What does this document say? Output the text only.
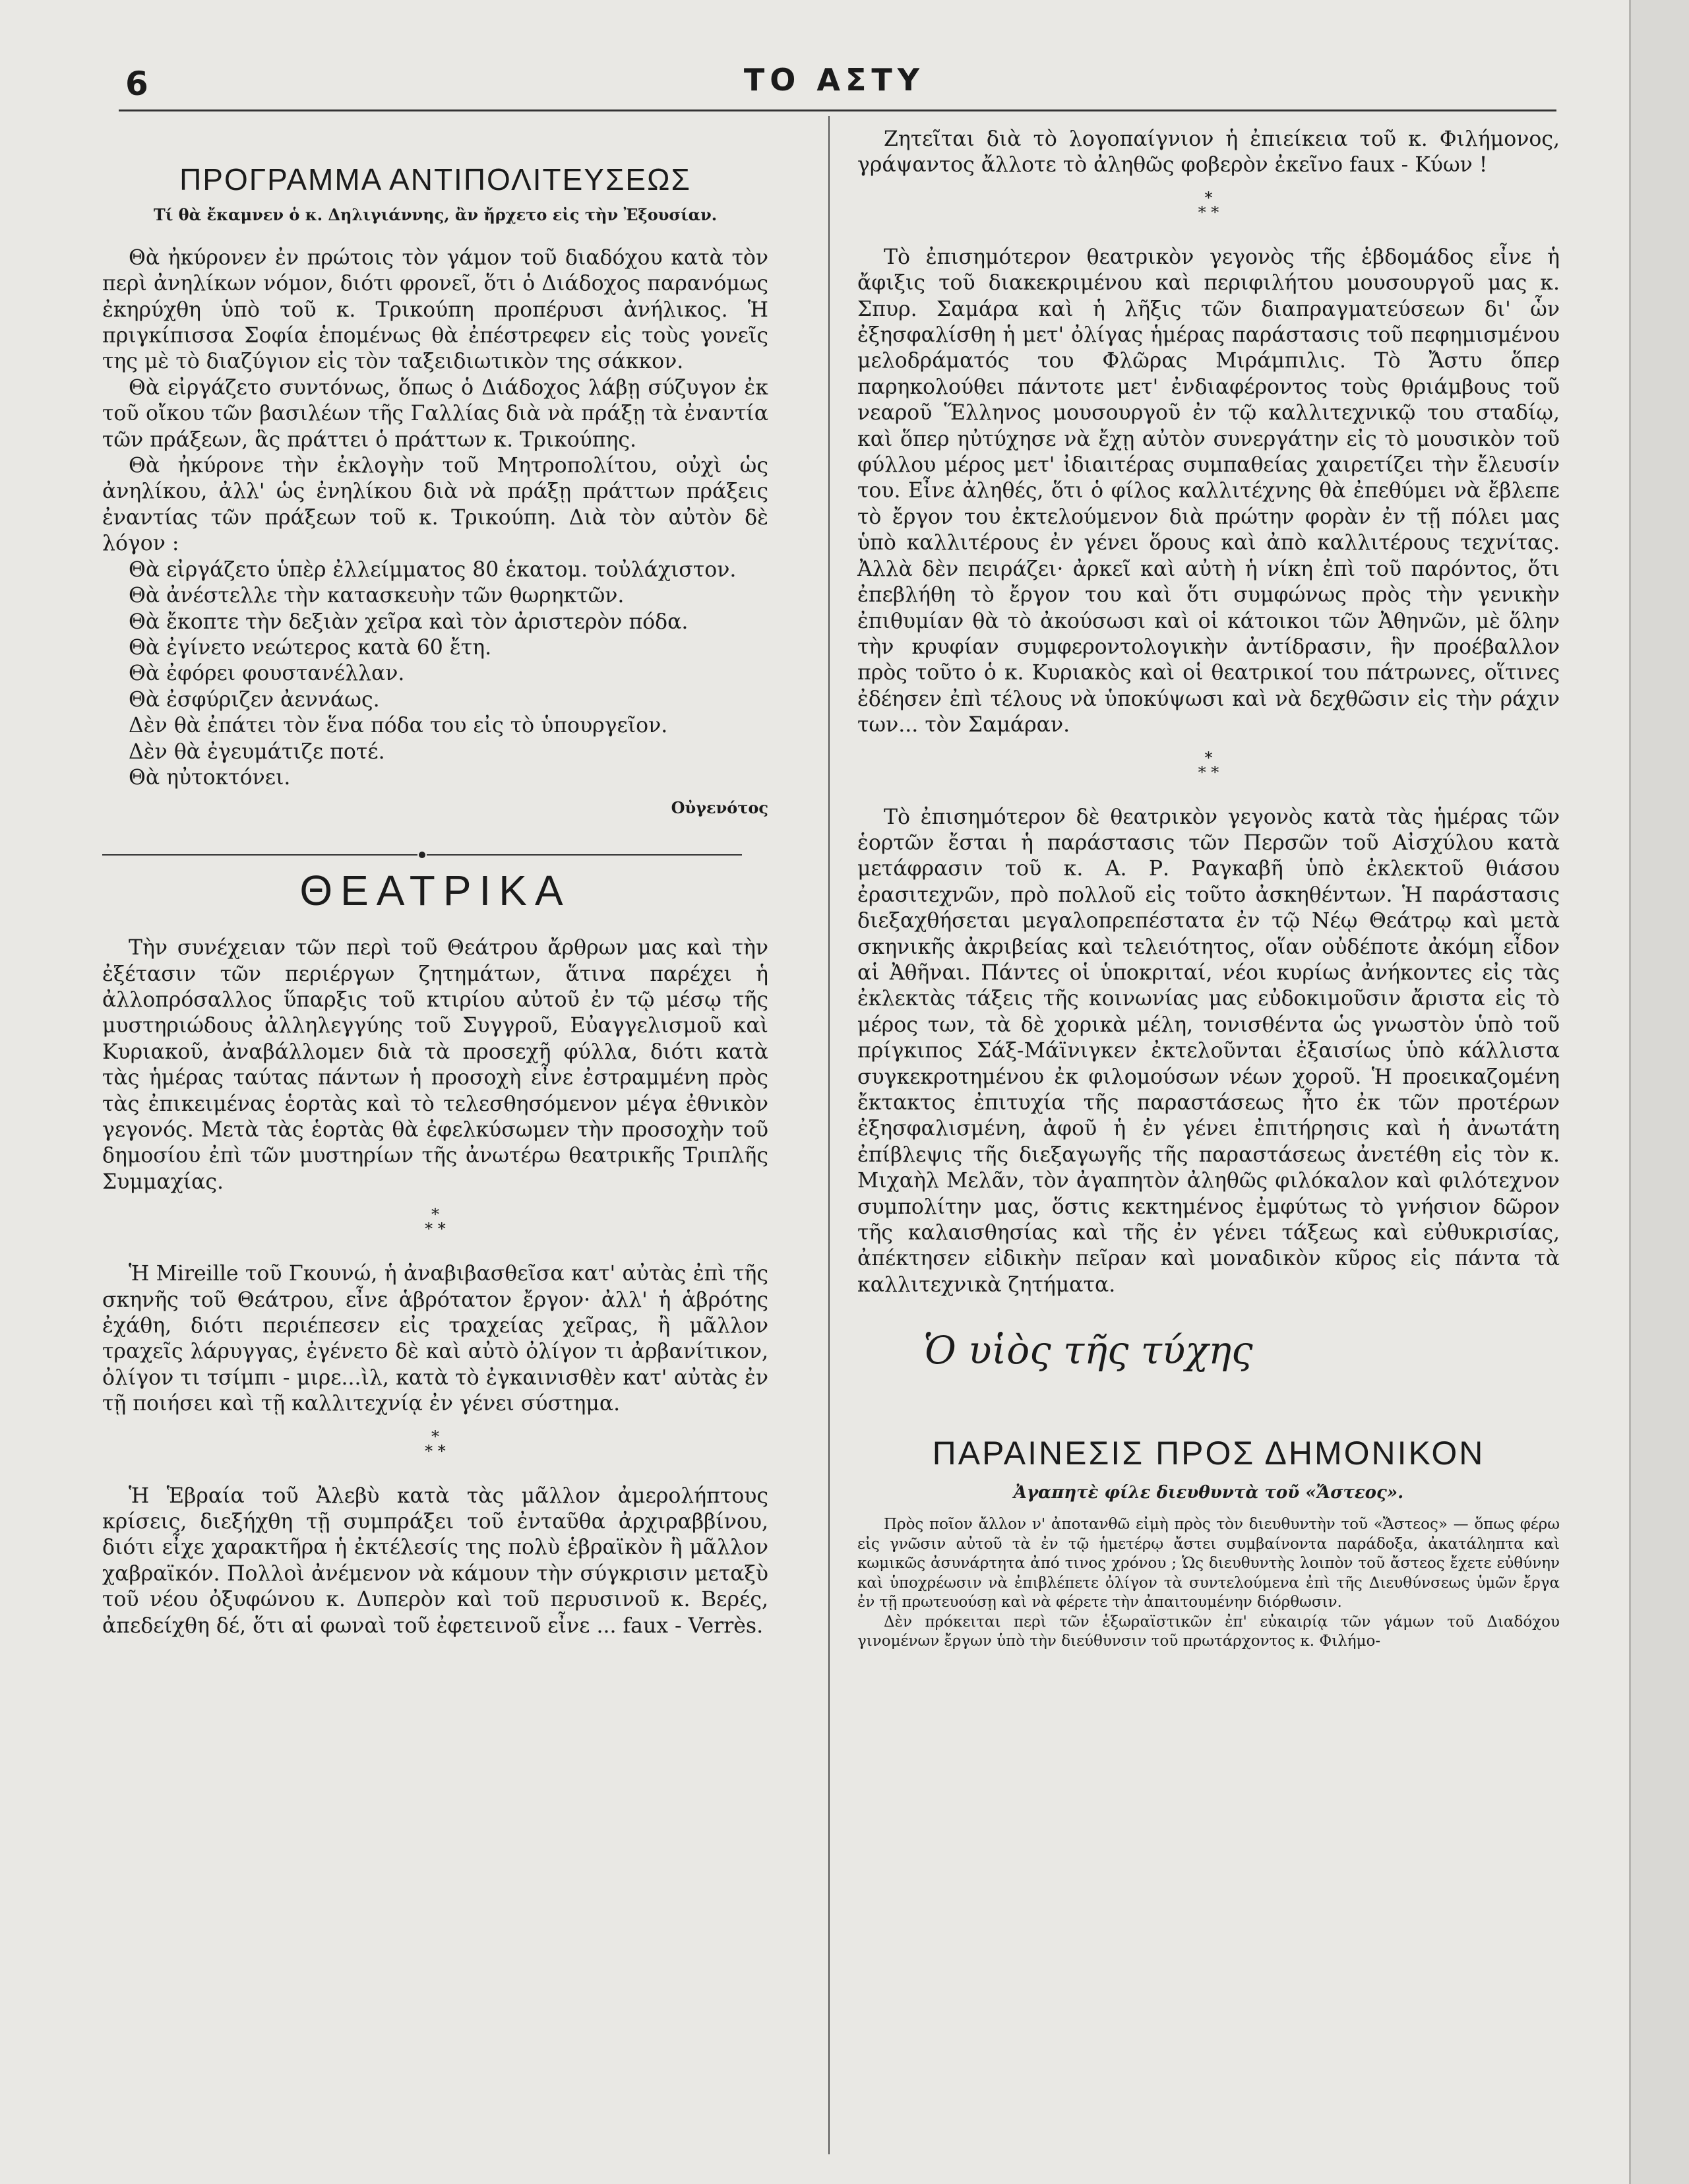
6	ΤΟ ΑΣΤΥ
ΠΡΟΓΡΑΜΜΑ ΑΝΤΙΠΟΛΙΤΕΥΣΕΩΣ
Τί θὰ ἔκαμνεν ὁ κ. Δηλιγιάννης, ἂν ἤρχετο εἰς τὴν Ἐξουσίαν.

Θὰ ἠκύρονεν ἐν πρώτοις τὸν γάμον τοῦ διαδόχου κατὰ τὸν περὶ ἀνηλίκων νόμον, διότι φρονεῖ, ὅτι ὁ Διάδοχος παρανόμως ἐκηρύχθη ὑπὸ τοῦ κ. Τρικούπη προπέρυσι ἀνήλικος. Ἡ πριγκίπισσα Σοφία ἑπομένως θὰ ἐπέστρεφεν εἰς τοὺς γονεῖς της μὲ τὸ διαζύγιον εἰς τὸν ταξειδιωτικὸν της σάκκον.

Θὰ εἰργάζετο συντόνως, ὅπως ὁ Διάδοχος λάβῃ σύζυγον ἐκ τοῦ οἴκου τῶν βασιλέων τῆς Γαλλίας διὰ νὰ πράξῃ τὰ ἐναντία τῶν πράξεων, ἃς πράττει ὁ πράττων κ. Τρικούπης.

Θὰ ἠκύρονε τὴν ἐκλογὴν τοῦ Μητροπολίτου, οὐχὶ ὡς ἀνηλίκου, ἀλλ' ὡς ἐνηλίκου διὰ νὰ πράξῃ πράττων πράξεις ἐναντίας τῶν πράξεων τοῦ κ. Τρικούπη. Διὰ τὸν αὐτὸν δὲ λόγον :

Θὰ εἰργάζετο ὑπὲρ ἐλλείμματος 80 ἑκατομ. τοὐλάχιστον.

Θὰ ἀνέστελλε τὴν κατασκευὴν τῶν θωρηκτῶν.

Θὰ ἔκοπτε τὴν δεξιὰν χεῖρα καὶ τὸν ἀριστερὸν πόδα.

Θὰ ἐγίνετο νεώτερος κατὰ 60 ἔτη.

Θὰ ἐφόρει φουστανέλλαν.

Θὰ ἐσφύριζεν ἀεννάως.

Δὲν θὰ ἐπάτει τὸν ἕνα πόδα του εἰς τὸ ὑπουργεῖον.

Δὲν θὰ ἐγευμάτιζε ποτέ.

Θὰ ηὐτοκτόνει.

Οὐγενότος

ΘΕΑΤΡΙΚΑ

Τὴν συνέχειαν τῶν περὶ τοῦ Θεάτρου ἄρθρων μας καὶ τὴν ἐξέτασιν τῶν περιέργων ζητημάτων, ἅτινα παρέχει ἡ ἀλλοπρόσαλλος ὕπαρξις τοῦ κτιρίου αὐτοῦ ἐν τῷ μέσῳ τῆς μυστηριώδους ἀλληλεγγύης τοῦ Συγγροῦ, Εὐαγγελισμοῦ καὶ Κυριακοῦ, ἀναβάλλομεν διὰ τὰ προσεχῆ φύλλα, διότι κατὰ τὰς ἡμέρας ταύτας πάντων ἡ προσοχὴ εἶνε ἐστραμμένη πρὸς τὰς ἐπικειμένας ἑορτὰς καὶ τὸ τελεσθησόμενον μέγα ἐθνικὸν γεγονός. Μετὰ τὰς ἑορτὰς θὰ ἐφελκύσωμεν τὴν προσοχὴν τοῦ δημοσίου ἐπὶ τῶν μυστηρίων τῆς ἀνωτέρω θεατρικῆς Τριπλῆς Συμμαχίας.

*
* *

Ἡ Mireille τοῦ Γκουνώ, ἡ ἀναβιβασθεῖσα κατ' αὐτὰς ἐπὶ τῆς σκηνῆς τοῦ Θεάτρου, εἶνε ἁβρότατον ἔργον· ἀλλ' ἡ ἁβρότης ἐχάθη, διότι περιέπεσεν εἰς τραχείας χεῖρας, ἢ μᾶλλον τραχεῖς λάρυγγας, ἐγένετο δὲ καὶ αὐτὸ ὀλίγον τι ἀρβανίτικον, ὀλίγον τι τσίμπι - μιρε...ὶλ, κατὰ τὸ ἐγκαινισθὲν κατ' αὐτὰς ἐν τῇ ποιήσει καὶ τῇ καλλιτεχνίᾳ ἐν γένει σύστημα.

*
* *

Ἡ Ἑβραία τοῦ Ἀλεβὺ κατὰ τὰς μᾶλλον ἀμερολήπτους κρίσεις, διεξήχθη τῇ συμπράξει τοῦ ἐνταῦθα ἀρχιραββίνου, διότι εἶχε χαρακτῆρα ἡ ἐκτέλεσίς της πολὺ ἑβραϊκὸν ἢ μᾶλλον χαβραϊκόν. Πολλοὶ ἀνέμενον νὰ κάμουν τὴν σύγκρισιν μεταξὺ τοῦ νέου ὀξυφώνου κ. Δυπερὸν καὶ τοῦ περυσινοῦ κ. Βερές, ἀπεδείχθη δέ, ὅτι αἱ φωναὶ τοῦ ἐφετεινοῦ εἶνε ... faux - Verrès.

Ζητεῖται διὰ τὸ λογοπαίγνιον ἡ ἐπιείκεια τοῦ κ. Φιλήμονος, γράψαντος ἄλλοτε τὸ ἀληθῶς φοβερὸν ἐκεῖνο faux - Κύων !

*
* *

Τὸ ἐπισημότερον θεατρικὸν γεγονὸς τῆς ἑβδομάδος εἶνε ἡ ἄφιξις τοῦ διακεκριμένου καὶ περιφιλήτου μουσουργοῦ μας κ. Σπυρ. Σαμάρα καὶ ἡ λῆξις τῶν διαπραγματεύσεων δι' ὧν ἐξησφαλίσθη ἡ μετ' ὀλίγας ἡμέρας παράστασις τοῦ πεφημισμένου μελοδράματός του Φλῶρας Μιράμπιλις. Τὸ Ἄστυ ὅπερ παρηκολούθει πάντοτε μετ' ἐνδιαφέροντος τοὺς θριάμβους τοῦ νεαροῦ Ἕλληνος μουσουργοῦ ἐν τῷ καλλιτεχνικῷ του σταδίῳ, καὶ ὅπερ ηὐτύχησε νὰ ἔχῃ αὐτὸν συνεργάτην εἰς τὸ μουσικὸν τοῦ φύλλου μέρος μετ' ἰδιαιτέρας συμπαθείας χαιρετίζει τὴν ἔλευσίν του. Εἶνε ἀληθές, ὅτι ὁ φίλος καλλιτέχνης θὰ ἐπεθύμει νὰ ἔβλεπε τὸ ἔργον του ἐκτελούμενον διὰ πρώτην φορὰν ἐν τῇ πόλει μας ὑπὸ καλλιτέρους ἐν γένει ὅρους καὶ ἀπὸ καλλιτέρους τεχνίτας. Ἀλλὰ δὲν πειράζει· ἀρκεῖ καὶ αὐτὴ ἡ νίκη ἐπὶ τοῦ παρόντος, ὅτι ἐπεβλήθη τὸ ἔργον του καὶ ὅτι συμφώνως πρὸς τὴν γενικὴν ἐπιθυμίαν θὰ τὸ ἀκούσωσι καὶ οἱ κάτοικοι τῶν Ἀθηνῶν, μὲ ὅλην τὴν κρυφίαν συμφεροντολογικὴν ἀντίδρασιν, ἣν προέβαλλον πρὸς τοῦτο ὁ κ. Κυριακὸς καὶ οἱ θεατρικοί του πάτρωνες, οἵτινες ἐδέησεν ἐπὶ τέλους νὰ ὑποκύψωσι καὶ νὰ δεχθῶσιν εἰς τὴν ράχιν των... τὸν Σαμάραν.

*
* *

Τὸ ἐπισημότερον δὲ θεατρικὸν γεγονὸς κατὰ τὰς ἡμέρας τῶν ἑορτῶν ἔσται ἡ παράστασις τῶν Περσῶν τοῦ Αἰσχύλου κατὰ μετάφρασιν τοῦ κ. Α. Ρ. Ραγκαβῆ ὑπὸ ἐκλεκτοῦ θιάσου ἐρασιτεχνῶν, πρὸ πολλοῦ εἰς τοῦτο ἀσκηθέντων. Ἡ παράστασις διεξαχθήσεται μεγαλοπρεπέστατα ἐν τῷ Νέῳ Θεάτρῳ καὶ μετὰ σκηνικῆς ἀκριβείας καὶ τελειότητος, οἵαν οὐδέποτε ἀκόμη εἶδον αἱ Ἀθῆναι. Πάντες οἱ ὑποκριταί, νέοι κυρίως ἀνήκοντες εἰς τὰς ἐκλεκτὰς τάξεις τῆς κοινωνίας μας εὐδοκιμοῦσιν ἄριστα εἰς τὸ μέρος των, τὰ δὲ χορικὰ μέλη, τονισθέντα ὡς γνωστὸν ὑπὸ τοῦ πρίγκιπος Σάξ-Μάϊνιγκεν ἐκτελοῦνται ἐξαισίως ὑπὸ κάλλιστα συγκεκροτημένου ἐκ φιλομούσων νέων χοροῦ. Ἡ προεικαζομένη ἔκτακτος ἐπιτυχία τῆς παραστάσεως ἦτο ἐκ τῶν προτέρων ἐξησφαλισμένη, ἀφοῦ ἡ ἐν γένει ἐπιτήρησις καὶ ἡ ἀνωτάτη ἐπίβλεψις τῆς διεξαγωγῆς τῆς παραστάσεως ἀνετέθη εἰς τὸν κ. Μιχαὴλ Μελᾶν, τὸν ἀγαπητὸν ἀληθῶς φιλόκαλον καὶ φιλότεχνον συμπολίτην μας, ὅστις κεκτημένος ἐμφύτως τὸ γνήσιον δῶρον τῆς καλαισθησίας καὶ τῆς ἐν γένει τάξεως καὶ εὐθυκρισίας, ἀπέκτησεν εἰδικὴν πεῖραν καὶ μοναδικὸν κῦρος εἰς πάντα τὰ καλλιτεχνικὰ ζητήματα.

Ὁ υἱὸς τῆς τύχης
ΠΑΡΑΙΝΕΣΙΣ ΠΡΟΣ ΔΗΜΟΝΙΚΟΝ

Ἀγαπητὲ φίλε διευθυντὰ τοῦ «Ἄστεος».

Πρὸς ποῖον ἄλλον ν' ἀποτανθῶ εἰμὴ πρὸς τὸν διευθυντὴν τοῦ «Ἄστεος» — ὅπως φέρω εἰς γνῶσιν αὐτοῦ τὰ ἐν τῷ ἡμετέρῳ ἄστει συμβαίνοντα παράδοξα, ἀκατάληπτα καὶ κωμικῶς ἀσυνάρτητα ἀπό τινος χρόνου ; Ὡς διευθυντὴς λοιπὸν τοῦ ἄστεος ἔχετε εὐθύνην καὶ ὑποχρέωσιν νὰ ἐπιβλέπετε ὀλίγον τὰ συντελούμενα ἐπὶ τῆς Διευθύνσεως ὑμῶν ἔργα ἐν τῇ πρωτευούσῃ καὶ νὰ φέρετε τὴν ἀπαιτουμένην διόρθωσιν.

Δὲν πρόκειται περὶ τῶν ἑξωραϊστικῶν ἐπ' εὐκαιρίᾳ τῶν γάμων τοῦ Διαδόχου γινομένων ἔργων ὑπὸ τὴν διεύθυνσιν τοῦ πρωτάρχοντος κ. Φιλήμο-
